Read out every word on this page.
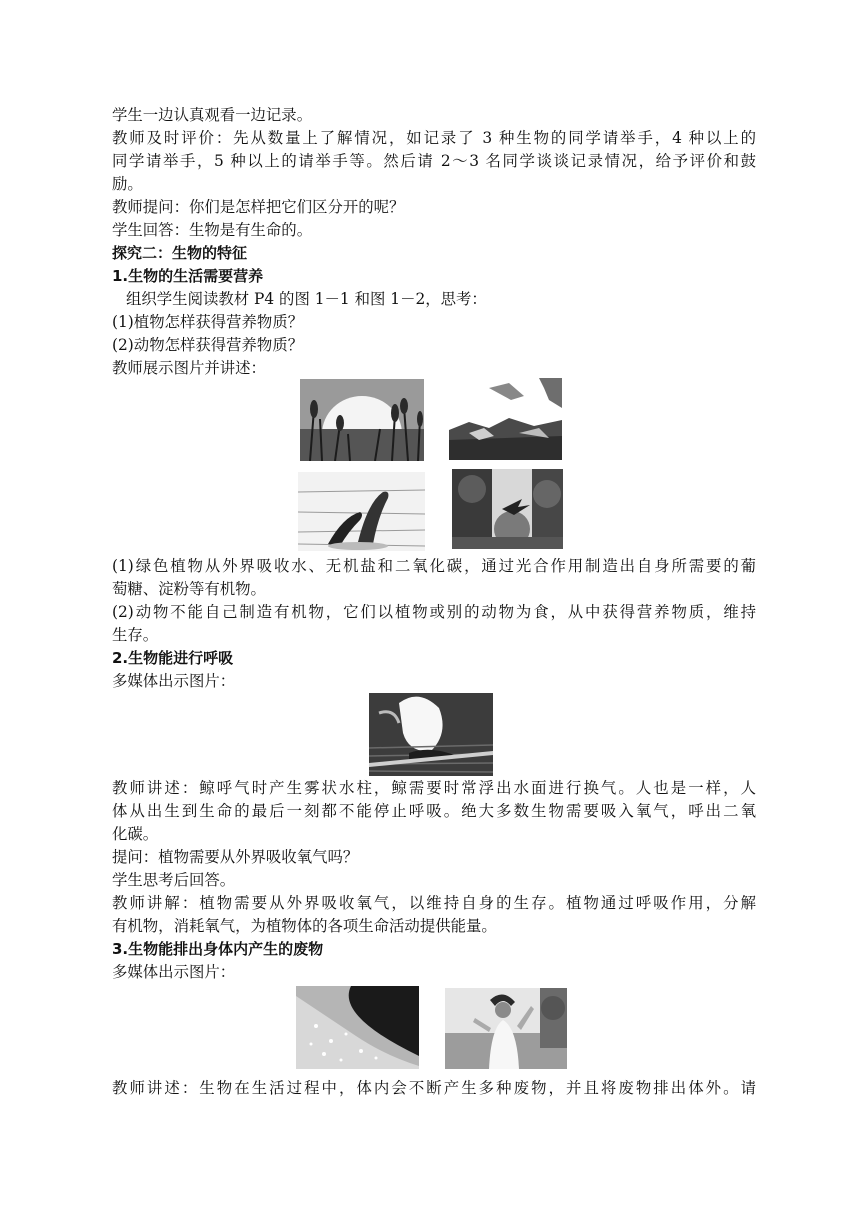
学生一边认真观看一边记录。
教师及时评价：先从数量上了解情况，如记录了 3 种生物的同学请举手，4 种以上的
同学请举手，5 种以上的请举手等。然后请 2～3 名同学谈谈记录情况，给予评价和鼓
励。
教师提问：你们是怎样把它们区分开的呢？
学生回答：生物是有生命的。
探究二：生物的特征
1.生物的生活需要营养
组织学生阅读教材 P4 的图 1－1 和图 1－2，思考：
(1)植物怎样获得营养物质？
(2)动物怎样获得营养物质？
教师展示图片并讲述：
(1)绿色植物从外界吸收水、无机盐和二氧化碳，通过光合作用制造出自身所需要的葡
萄糖、淀粉等有机物。
(2)动物不能自己制造有机物，它们以植物或别的动物为食，从中获得营养物质，维持
生存。
2.生物能进行呼吸
多媒体出示图片：
教师讲述：鲸呼气时产生雾状水柱，鲸需要时常浮出水面进行换气。人也是一样，人
体从出生到生命的最后一刻都不能停止呼吸。绝大多数生物需要吸入氧气，呼出二氧
化碳。
提问：植物需要从外界吸收氧气吗？
学生思考后回答。
教师讲解：植物需要从外界吸收氧气，以维持自身的生存。植物通过呼吸作用，分解
有机物，消耗氧气，为植物体的各项生命活动提供能量。
3.生物能排出身体内产生的废物
多媒体出示图片：
教师讲述：生物在生活过程中，体内会不断产生多种废物，并且将废物排出体外。请
